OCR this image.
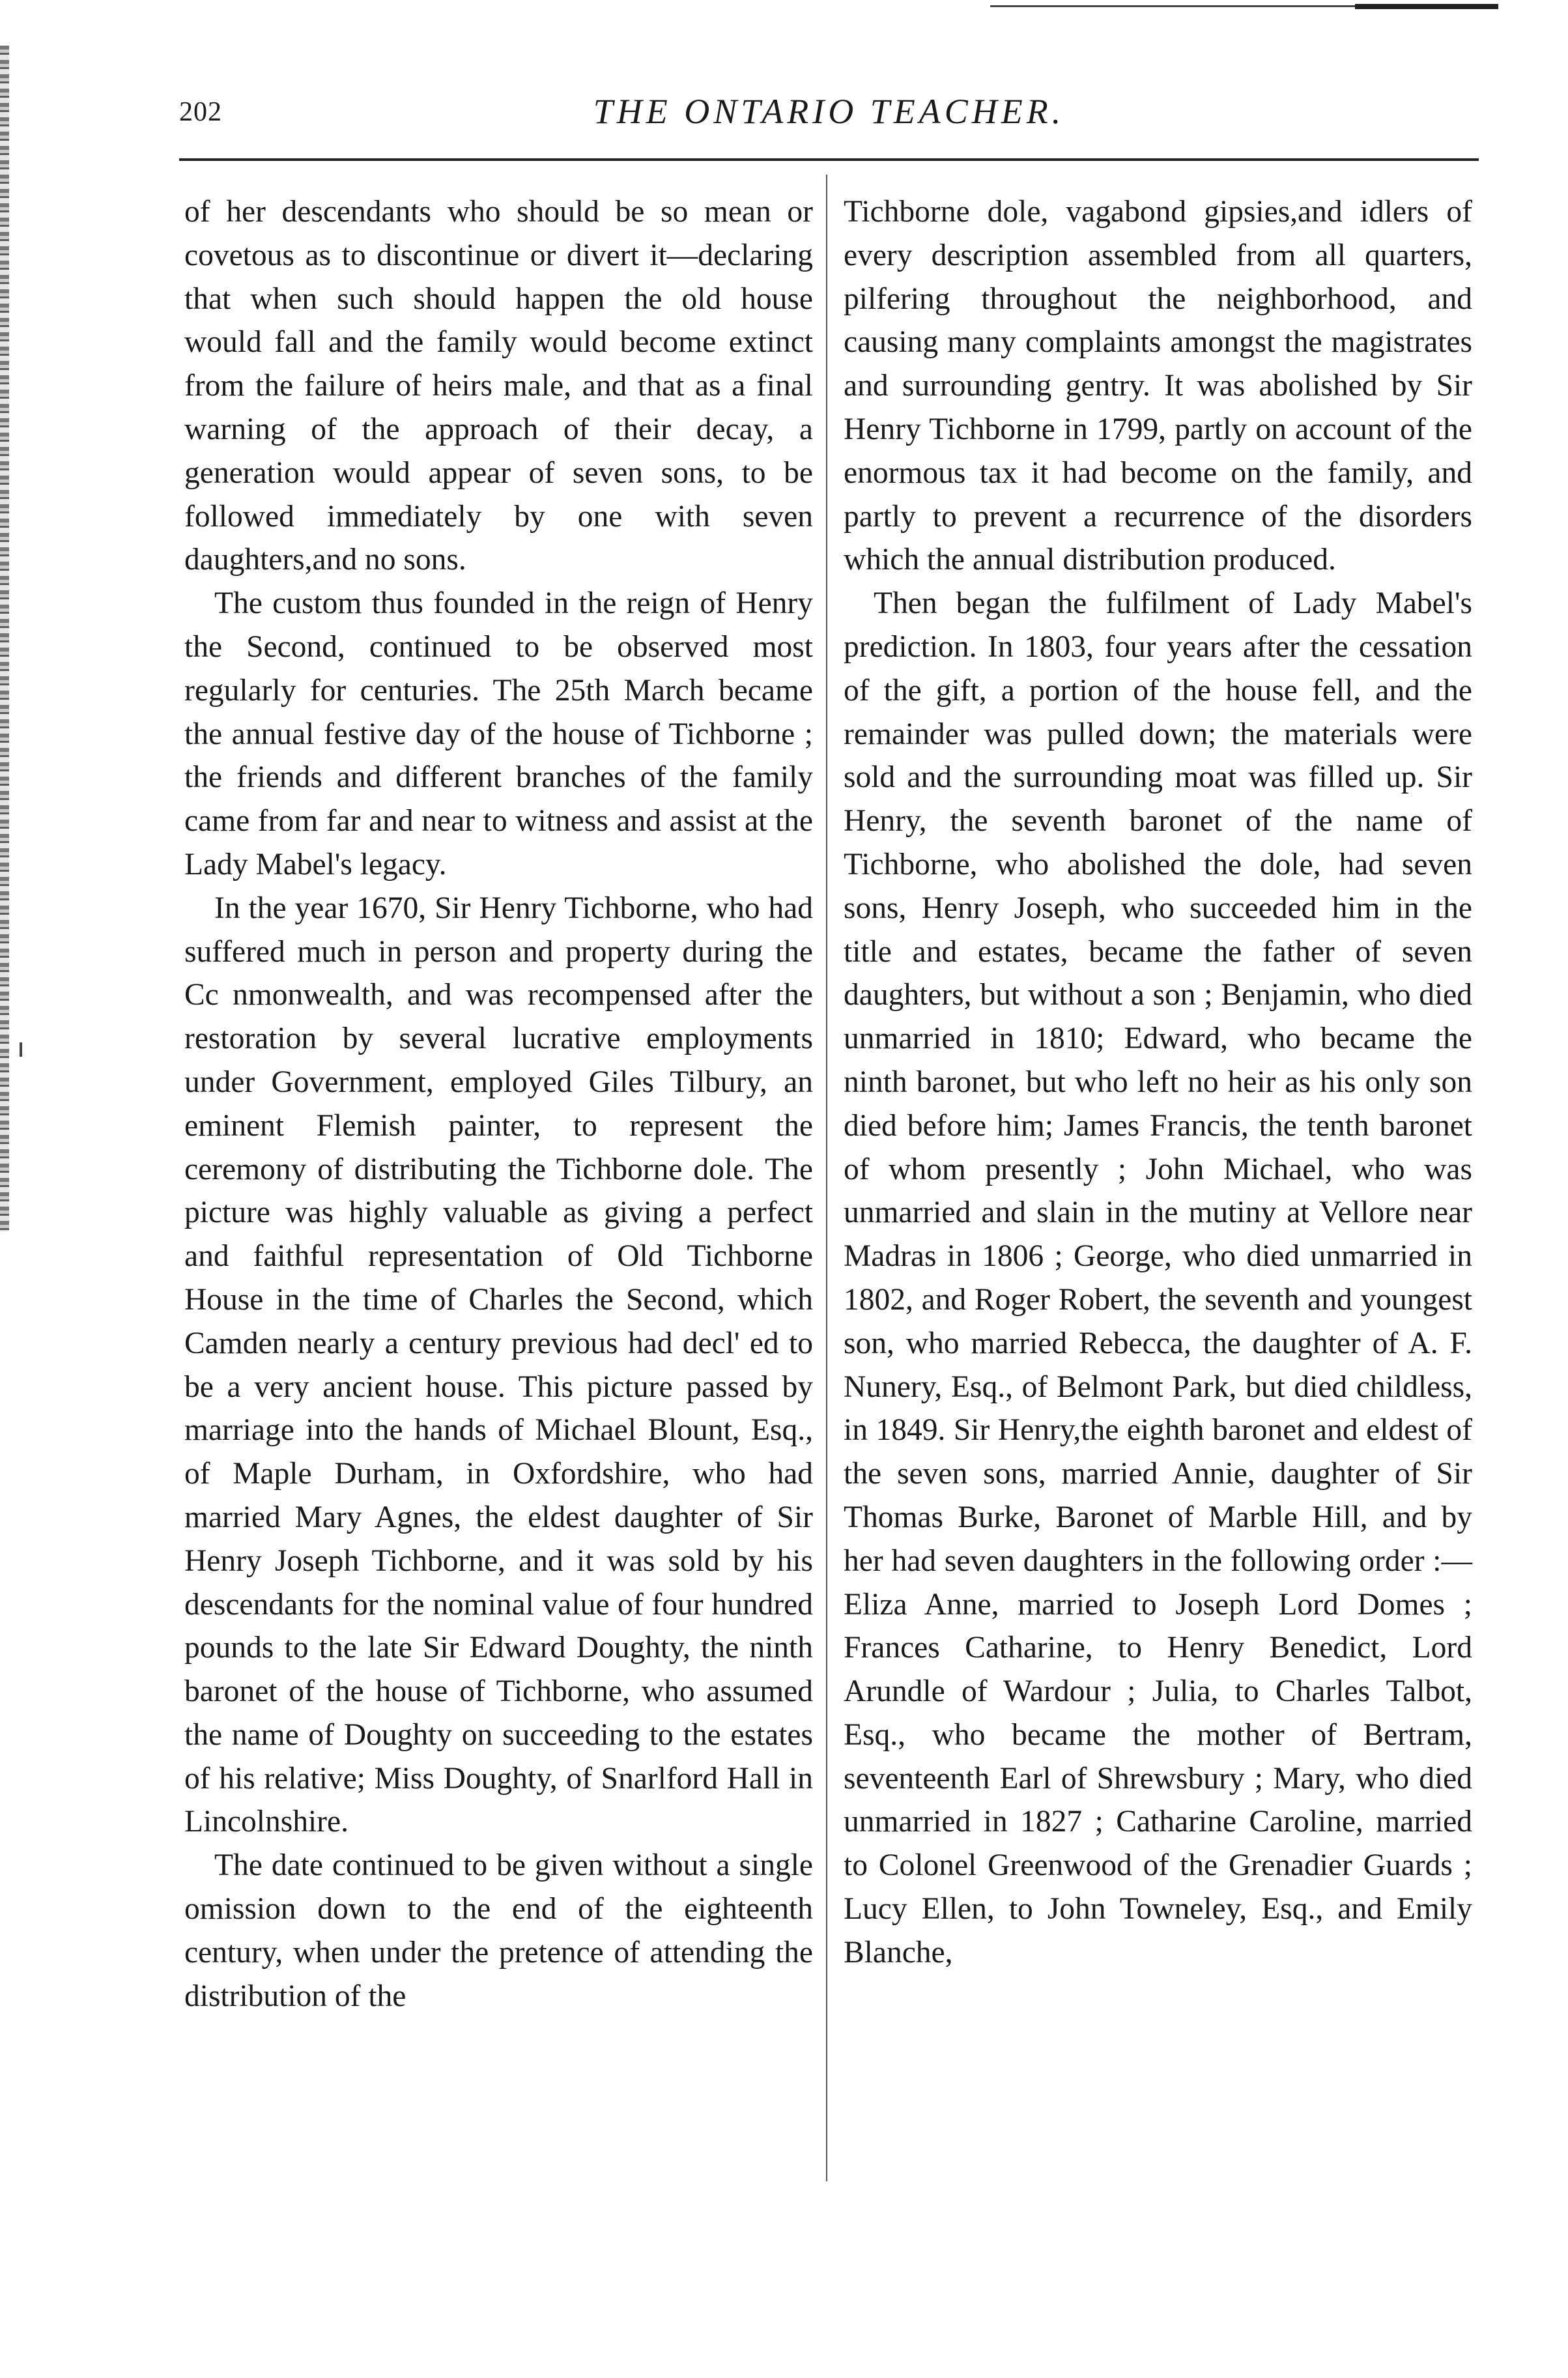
202	THE ONTARIO TEACHER.

of her descendants who should be so mean or covetous as to discontinue or divert it—declaring that when such should happen the old house would fall and the family would become extinct from the failure of heirs male, and that as a final warning of the approach of their decay, a generation would appear of seven sons, to be followed immediately by one with seven daughters,and no sons.

The custom thus founded in the reign of Henry the Second, continued to be observed most regularly for centuries. The 25th March became the annual festive day of the house of Tichborne ; the friends and different branches of the family came from far and near to witness and assist at the Lady Mabel's legacy.

In the year 1670, Sir Henry Tichborne, who had suffered much in person and property during the Cc nmonwealth, and was recompensed after the restoration by several lucrative employments under Government, employed Giles Tilbury, an eminent Flemish painter, to represent the ceremony of distributing the Tichborne dole. The picture was highly valuable as giving a perfect and faithful representation of Old Tichborne House in the time of Charles the Second, which Camden nearly a century previous had decl' ed to be a very ancient house. This picture passed by marriage into the hands of Michael Blount, Esq., of Maple Durham, in Oxfordshire, who had married Mary Agnes, the eldest daughter of Sir Henry Joseph Tichborne, and it was sold by his descendants for the nominal value of four hundred pounds to the late Sir Edward Doughty, the ninth baronet of the house of Tichborne, who assumed the name of Doughty on succeeding to the estates of his relative; Miss Doughty, of Snarlford Hall in Lincolnshire.

The date continued to be given without a single omission down to the end of the eighteenth century, when under the pretence of attending the distribution of the

Tichborne dole, vagabond gipsies,and idlers of every description assembled from all quarters, pilfering throughout the neighborhood, and causing many complaints amongst the magistrates and surrounding gentry. It was abolished by Sir Henry Tichborne in 1799, partly on account of the enormous tax it had become on the family, and partly to prevent a recurrence of the disorders which the annual distribution produced.

Then began the fulfilment of Lady Mabel's prediction. In 1803, four years after the cessation of the gift, a portion of the house fell, and the remainder was pulled down; the materials were sold and the surrounding moat was filled up. Sir Henry, the seventh baronet of the name of Tichborne, who abolished the dole, had seven sons, Henry Joseph, who succeeded him in the title and estates, became the father of seven daughters, but without a son ; Benjamin, who died unmarried in 1810; Edward, who became the ninth baronet, but who left no heir as his only son died before him; James Francis, the tenth baronet of whom presently ; John Michael, who was unmarried and slain in the mutiny at Vellore near Madras in 1806 ; George, who died unmarried in 1802, and Roger Robert, the seventh and youngest son, who married Rebecca, the daughter of A. F. Nunery, Esq., of Belmont Park, but died childless, in 1849. Sir Henry,the eighth baronet and eldest of the seven sons, married Annie, daughter of Sir Thomas Burke, Baronet of Marble Hill, and by her had seven daughters in the following order :—Eliza Anne, married to Joseph Lord Domes ; Frances Catharine, to Henry Benedict, Lord Arundle of Wardour ; Julia, to Charles Talbot, Esq., who became the mother of Bertram, seventeenth Earl of Shrewsbury ; Mary, who died unmarried in 1827 ; Catharine Caroline, married to Colonel Greenwood of the Grenadier Guards ; Lucy Ellen, to John Towneley, Esq., and Emily Blanche,
